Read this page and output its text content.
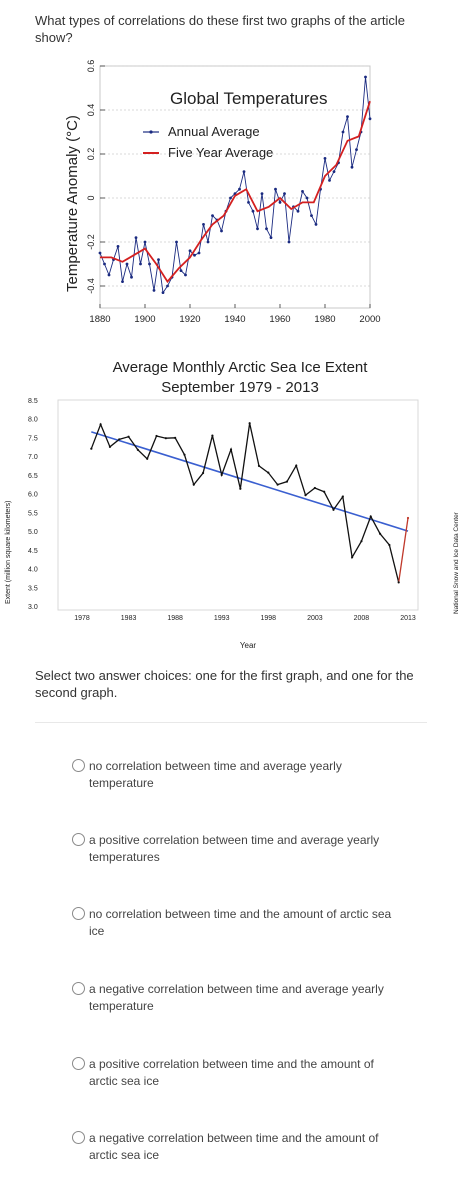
What types of correlations do these first two graphs of the article show?
0.6
0.4
0.2
0
-0.2
-0.4
1880	1900	1920	1940	1960	1980	2000
Global Temperatures
Annual Average
Five Year Average
Temperature Anomaly (°C)
Average Monthly Arctic Sea Ice Extent
September 1979 - 2013
8.5
8.0
7.5
7.0
6.5
6.0
5.5
5.0
4.5
4.0
3.5
3.0
1978	1983	1988	1993	1998	2003	2008	2013
Year
Extent (million square kilometers)	National Snow and Ice Data Center
Select two answer choices: one for the first graph, and one for the second graph.
no correlation between time and average yearly temperature
a positive correlation between time and average yearly temperatures
no correlation between time and the amount of arctic sea ice
a negative correlation between time and average yearly temperature
a positive correlation between time and the amount of arctic sea ice
a negative correlation between time and the amount of arctic sea ice
